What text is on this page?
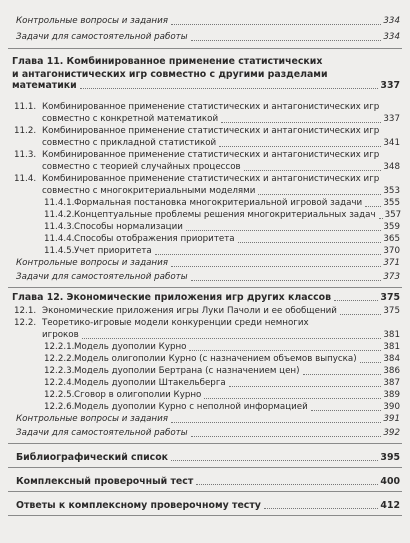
Контрольные вопросы и задания	334
Задачи для самостоятельной работы	334
Глава 11. Комбинированное применение статистических
и антагонистических игр совместно с другими разделами
математики	337
11.1. Комбинированное применение статистических и антагонистических игр
совместно с конкретной математикой	337
11.2. Комбинированное применение статистических и антагонистических игр
совместно с прикладной статистикой	341
11.3. Комбинированное применение статистических и антагонистических игр
совместно с теорией случайных процессов	348
11.4. Комбинированное применение статистических и антагонистических игр
совместно с многокритериальными моделями	353
11.4.1. Формальная постановка многокритериальной игровой задачи 355
11.4.2. Концептуальные проблемы решения многокритериальных задач 357
11.4.3. Способы нормализации	359
11.4.4. Способы отображения приоритета	365
11.4.5. Учет приоритета	370
Контрольные вопросы и задания	371
Задачи для самостоятельной работы	373
Глава 12. Экономические приложения игр других классов	375
12.1. Экономические приложения игры Луки Пачоли и ее обобщений	375
12.2. Теоретико-игровые модели конкуренции среди немногих
игроков	381
12.2.1. Модель дуополии Курно	381
12.2.2. Модель олигополии Курно (с назначением объемов выпуска)	384
12.2.3. Модель дуополии Бертрана (с назначением цен)	386
12.2.4. Модель дуополии Штакельберга	387
12.2.5. Сговор в олигополии Курно	389
12.2.6. Модель дуополии Курно с неполной информацией	390
Контрольные вопросы и задания	391
Задачи для самостоятельной работы	392
Библиографический список	395
Комплексный проверочный тест	400
Ответы к комплексному проверочному тесту	412
